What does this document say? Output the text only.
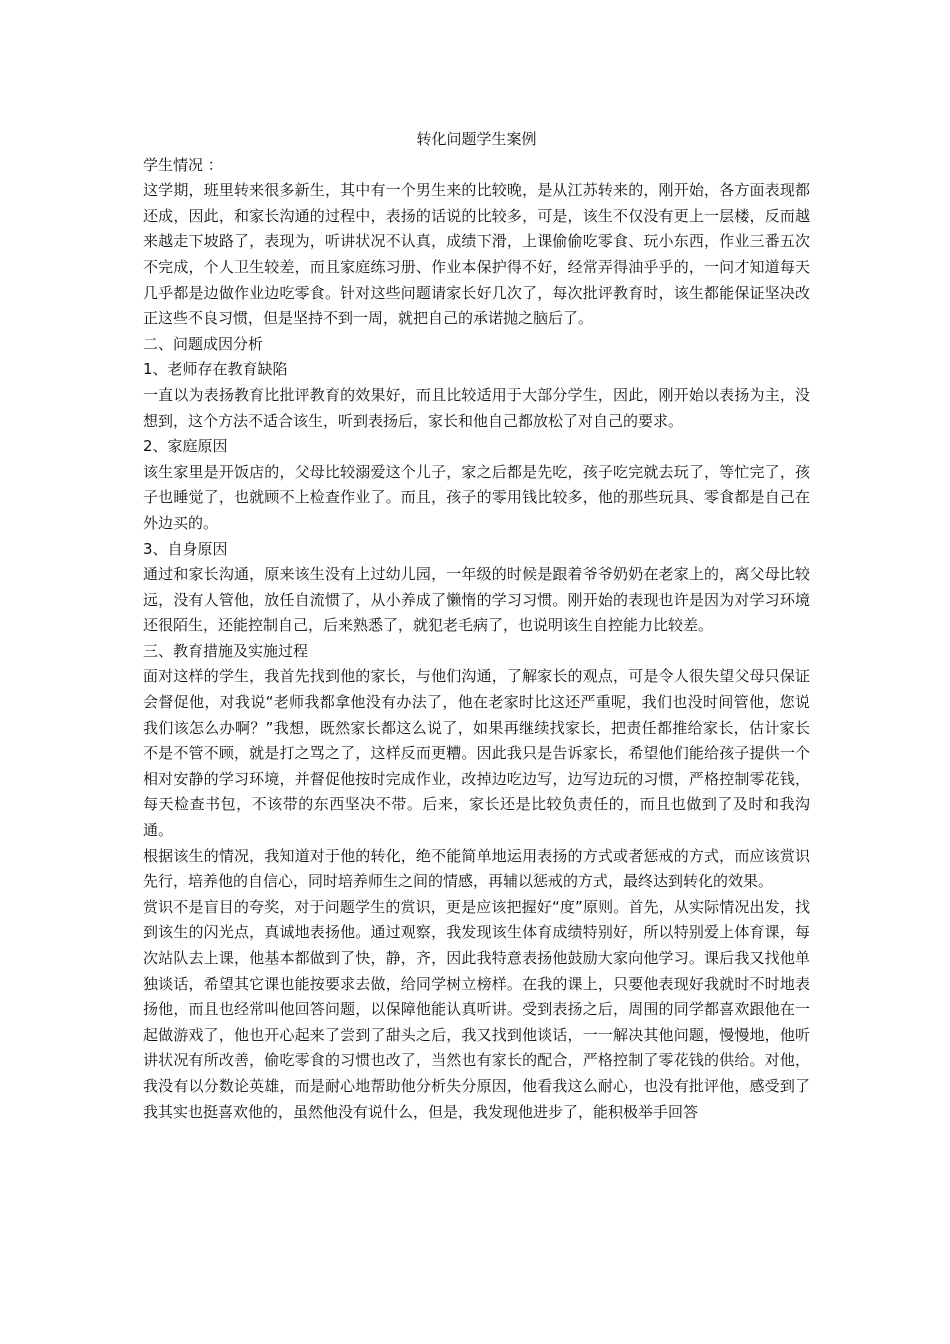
转化问题学生案例

学生情况 ：

这学期，班里转来很多新生，其中有一个男生来的比较晚，是从江苏转来的，刚开始，各方面表现都还成，因此，和家长沟通的过程中，表扬的话说的比较多，可是，该生不仅没有更上一层楼，反而越来越走下坡路了，表现为，听讲状况不认真，成绩下滑，上课偷偷吃零食、玩小东西，作业三番五次不完成，个人卫生较差，而且家庭练习册、作业本保护得不好，经常弄得油乎乎的，一问才知道每天几乎都是边做作业边吃零食。针对这些问题请家长好几次了，每次批评教育时，该生都能保证坚决改正这些不良习惯，但是坚持不到一周，就把自己的承诺抛之脑后了。

二、问题成因分析

1、老师存在教育缺陷

一直以为表扬教育比批评教育的效果好，而且比较适用于大部分学生，因此，刚开始以表扬为主，没想到，这个方法不适合该生，听到表扬后，家长和他自己都放松了对自己的要求。

2、家庭原因

该生家里是开饭店的，父母比较溺爱这个儿子，家之后都是先吃，孩子吃完就去玩了，等忙完了，孩子也睡觉了，也就顾不上检查作业了。而且，孩子的零用钱比较多，他的那些玩具、零食都是自己在外边买的。

3、自身原因

通过和家长沟通，原来该生没有上过幼儿园，一年级的时候是跟着爷爷奶奶在老家上的，离父母比较远，没有人管他，放任自流惯了，从小养成了懒惰的学习习惯。刚开始的表现也许是因为对学习环境还很陌生，还能控制自己，后来熟悉了，就犯老毛病了，也说明该生自控能力比较差。

三、教育措施及实施过程

面对这样的学生，我首先找到他的家长，与他们沟通，了解家长的观点，可是令人很失望父母只保证会督促他，对我说“老师我都拿他没有办法了，他在老家时比这还严重呢，我们也没时间管他，您说我们该怎么办啊？”我想，既然家长都这么说了，如果再继续找家长，把责任都推给家长，估计家长不是不管不顾，就是打之骂之了，这样反而更糟。因此我只是告诉家长，希望他们能给孩子提供一个相对安静的学习环境，并督促他按时完成作业，改掉边吃边写，边写边玩的习惯，严格控制零花钱，每天检查书包，不该带的东西坚决不带。后来，家长还是比较负责任的，而且也做到了及时和我沟通。

根据该生的情况，我知道对于他的转化，绝不能简单地运用表扬的方式或者惩戒的方式，而应该赏识先行，培养他的自信心，同时培养师生之间的情感，再辅以惩戒的方式，最终达到转化的效果。

赏识不是盲目的夸奖，对于问题学生的赏识，更是应该把握好“度”原则。首先，从实际情况出发，找到该生的闪光点，真诚地表扬他。通过观察，我发现该生体育成绩特别好，所以特别爱上体育课，每次站队去上课，他基本都做到了快，静，齐，因此我特意表扬他鼓励大家向他学习。课后我又找他单独谈话，希望其它课也能按要求去做，给同学树立榜样。在我的课上，只要他表现好我就时不时地表扬他，而且也经常叫他回答问题，以保障他能认真听讲。受到表扬之后，周围的同学都喜欢跟他在一起做游戏了，他也开心起来了尝到了甜头之后，我又找到他谈话，一一解决其他问题，慢慢地，他听讲状况有所改善，偷吃零食的习惯也改了，当然也有家长的配合，严格控制了零花钱的供给。对他，我没有以分数论英雄，而是耐心地帮助他分析失分原因，他看我这么耐心，也没有批评他，感受到了我其实也挺喜欢他的，虽然他没有说什么，但是，我发现他进步了，能积极举手回答
